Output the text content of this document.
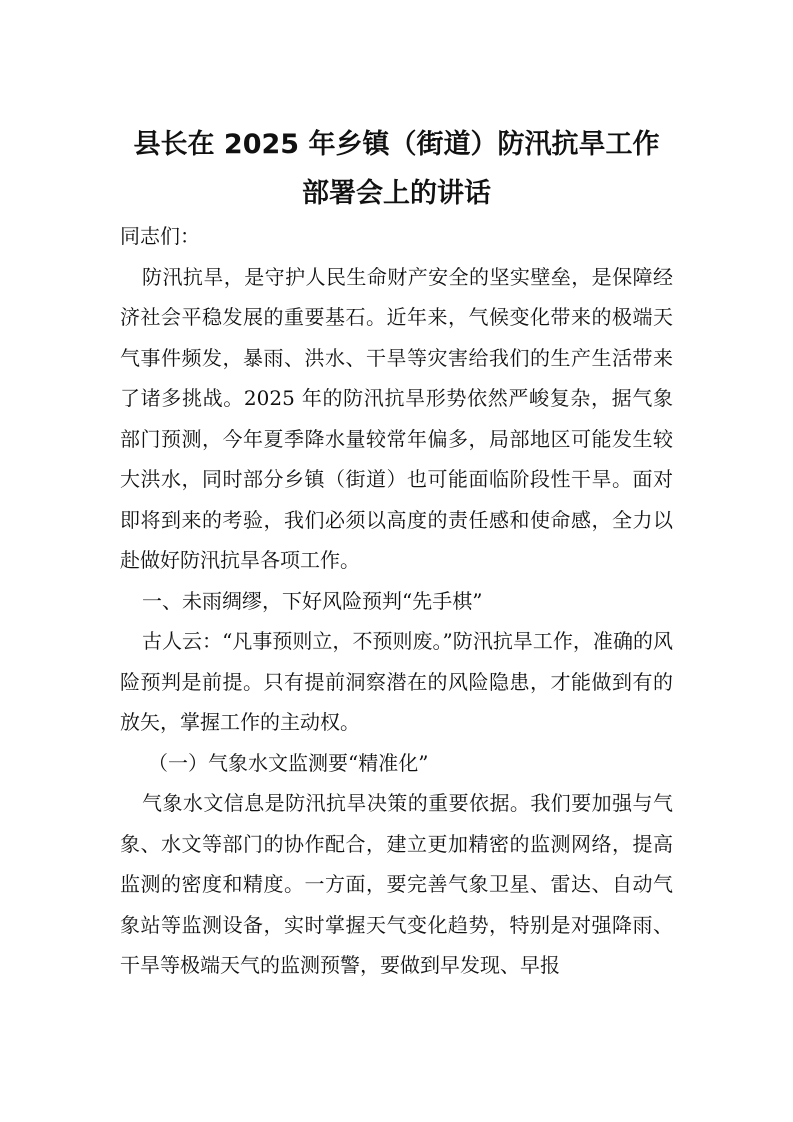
县长在 2025 年乡镇（街道）防汛抗旱工作
部署会上的讲话

同志们：

防汛抗旱，是守护人民生命财产安全的坚实壁垒，是保障经济社会平稳发展的重要基石。近年来，气候变化带来的极端天气事件频发，暴雨、洪水、干旱等灾害给我们的生产生活带来了诸多挑战。2025 年的防汛抗旱形势依然严峻复杂，据气象部门预测，今年夏季降水量较常年偏多，局部地区可能发生较大洪水，同时部分乡镇（街道）也可能面临阶段性干旱。面对即将到来的考验，我们必须以高度的责任感和使命感，全力以赴做好防汛抗旱各项工作。

一、未雨绸缪，下好风险预判“先手棋”

古人云：“凡事预则立，不预则废。”防汛抗旱工作，准确的风险预判是前提。只有提前洞察潜在的风险隐患，才能做到有的放矢，掌握工作的主动权。

（一）气象水文监测要“精准化”

气象水文信息是防汛抗旱决策的重要依据。我们要加强与气象、水文等部门的协作配合，建立更加精密的监测网络，提高监测的密度和精度。一方面，要完善气象卫星、雷达、自动气象站等监测设备，实时掌握天气变化趋势，特别是对强降雨、干旱等极端天气的监测预警，要做到早发现、早报
